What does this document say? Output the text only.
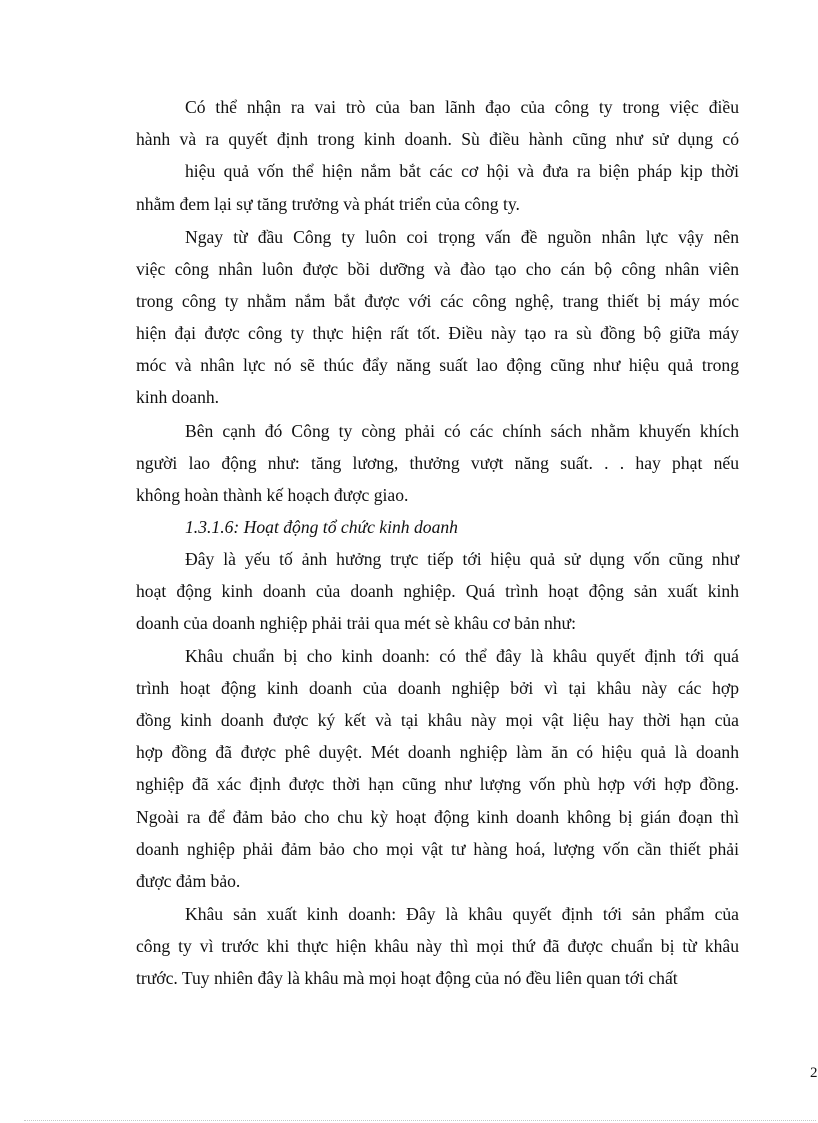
Có thể nhận ra vai trò của ban lãnh đạo của công ty trong việc điều
hành và ra quyết định trong kinh doanh. Sù điều hành cũng như sử dụng có
hiệu quả vốn thể hiện nắm bắt các cơ hội và đưa ra biện pháp kịp thời
nhằm đem lại sự tăng trưởng và phát triển của công ty.
Ngay từ đầu Công ty luôn coi trọng vấn đề nguồn nhân lực vậy nên
việc công nhân luôn được bồi dưỡng và đào tạo cho cán bộ công nhân viên
trong công ty nhằm nắm bắt được với các công nghệ, trang thiết bị máy móc
hiện đại được công ty thực hiện rất tốt. Điều này tạo ra sù đồng bộ giữa máy
móc và nhân lực nó sẽ thúc đẩy năng suất lao động cũng như hiệu quả trong
kinh doanh.
Bên cạnh đó Công ty còng phải có các chính sách nhằm khuyến khích
người lao động như: tăng lương, thưởng vượt năng suất. . . hay phạt nếu
không hoàn thành kế hoạch được giao.
1.3.1.6: Hoạt động tổ chức kinh doanh
Đây là yếu tố ảnh hưởng trực tiếp tới hiệu quả sử dụng vốn cũng như
hoạt động kinh doanh của doanh nghiệp. Quá trình hoạt động sản xuất kinh
doanh của doanh nghiệp phải trải qua mét sè khâu cơ bản như:
Khâu chuẩn bị cho kinh doanh: có thể đây là khâu quyết định tới quá
trình hoạt động kinh doanh của doanh nghiệp bởi vì tại khâu này các hợp
đồng kinh doanh được ký kết và tại khâu này mọi vật liệu hay thời hạn của
hợp đồng đã được phê duyệt. Mét doanh nghiệp làm ăn có hiệu quả là doanh
nghiệp đã xác định được thời hạn cũng như lượng vốn phù hợp với hợp đồng.
Ngoài ra để đảm bảo cho chu kỳ hoạt động kinh doanh không bị gián đoạn thì
doanh nghiệp phải đảm bảo cho mọi vật tư hàng hoá, lượng vốn cần thiết phải
được đảm bảo.
Khâu sản xuất kinh doanh: Đây là khâu quyết định tới sản phẩm của
công ty vì trước khi thực hiện khâu này thì mọi thứ đã được chuẩn bị từ khâu
trước. Tuy nhiên đây là khâu mà mọi hoạt động của nó đều liên quan tới chất
2
